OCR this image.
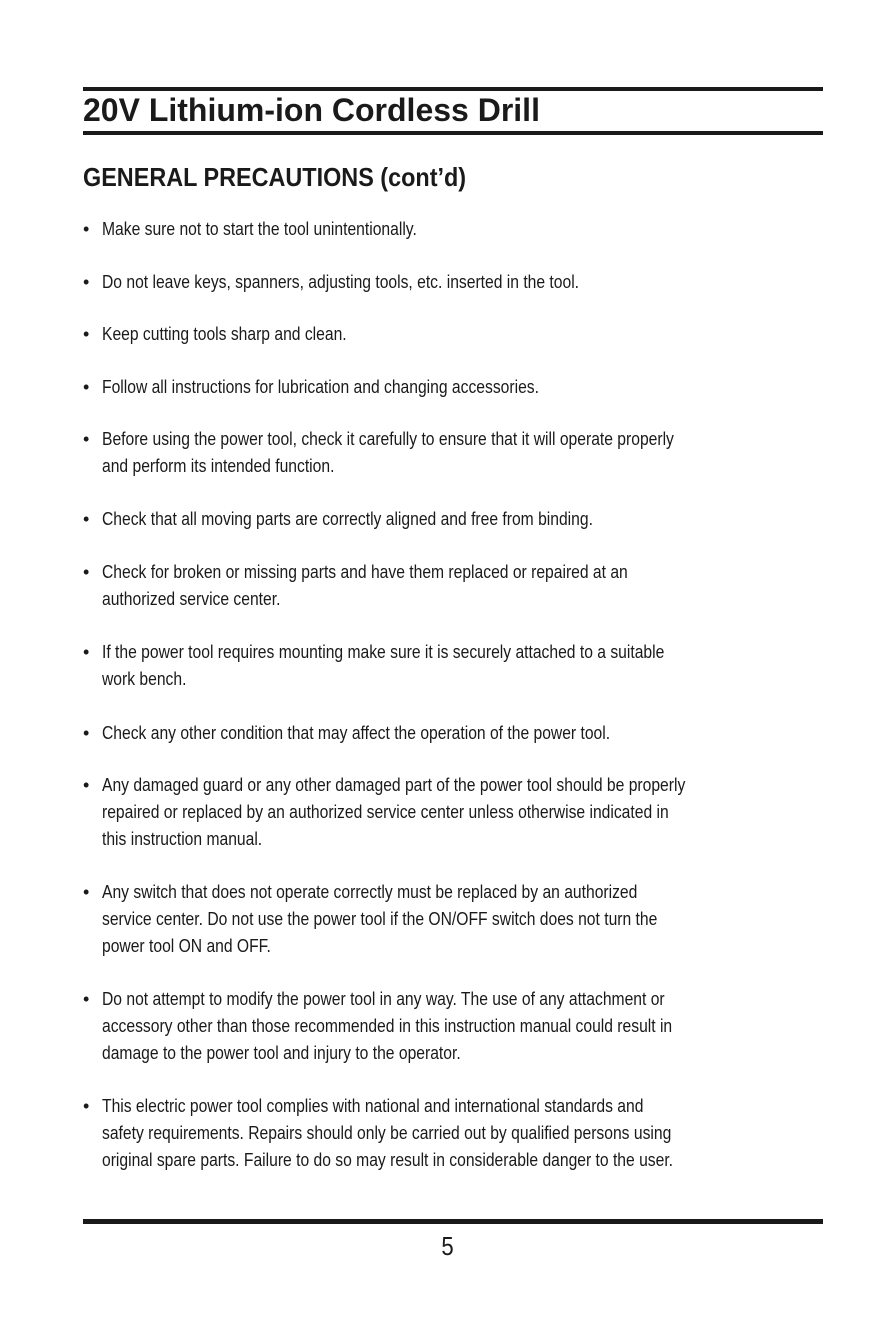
20V Lithium-ion Cordless Drill
GENERAL PRECAUTIONS (cont’d)
• Make sure not to start the tool unintentionally.
• Do not leave keys, spanners, adjusting tools, etc. inserted in the tool.
• Keep cutting tools sharp and clean.
• Follow all instructions for lubrication and changing accessories.
• Before using the power tool, check it carefully to ensure that it will operate properly
and perform its intended function.
• Check that all moving parts are correctly aligned and free from binding.
• Check for broken or missing parts and have them replaced or repaired at an
authorized service center.
• If the power tool requires mounting make sure it is securely attached to a suitable
work bench.
• Check any other condition that may affect the operation of the power tool.
• Any damaged guard or any other damaged part of the power tool should be properly
repaired or replaced by an authorized service center unless otherwise indicated in
this instruction manual.
• Any switch that does not operate correctly must be replaced by an authorized
service center. Do not use the power tool if the ON/OFF switch does not turn the
power tool ON and OFF.
• Do not attempt to modify the power tool in any way. The use of any attachment or
accessory other than those recommended in this instruction manual could result in
damage to the power tool and injury to the operator.
• This electric power tool complies with national and international standards and
safety requirements. Repairs should only be carried out by qualified persons using
original spare parts. Failure to do so may result in considerable danger to the user.
5
